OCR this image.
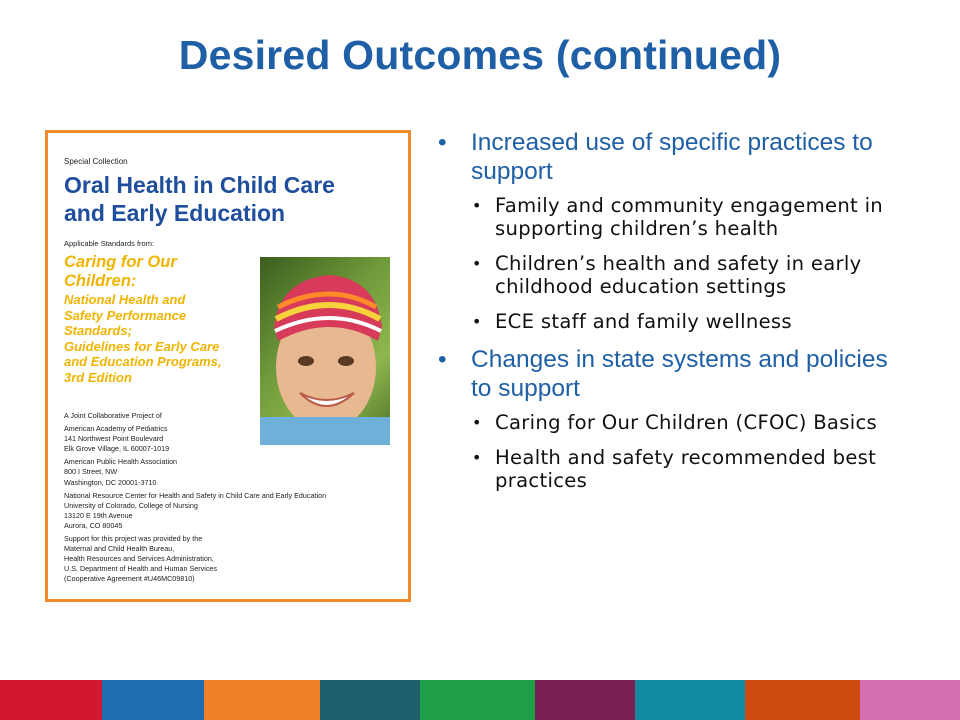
Desired Outcomes (continued)
Special Collection
Oral Health in Child Care
and Early Education
Applicable Standards from:
Caring for Our
Children:
National Health and
Safety Performance
Standards;
Guidelines for Early Care
and Education Programs,
3rd Edition
A Joint Collaborative Project of
American Academy of Pediatrics
141 Northwest Point Boulevard
Elk Grove Village, IL 60007-1019
American Public Health Association
800 I Street, NW
Washington, DC 20001-3710
National Resource Center for Health and Safety in Child Care and Early Education
University of Colorado, College of Nursing
13120 E 19th Avenue
Aurora, CO 80045
Support for this project was provided by the
Maternal and Child Health Bureau,
Health Resources and Services Administration,
U.S. Department of Health and Human Services
(Cooperative Agreement #U46MC09810)
• Increased use of specific practices to support
• Family and community engagement in supporting children’s health
• Children’s health and safety in early childhood education settings
• ECE staff and family wellness
• Changes in state systems and policies to support
• Caring for Our Children (CFOC) Basics
• Health and safety recommended best practices
